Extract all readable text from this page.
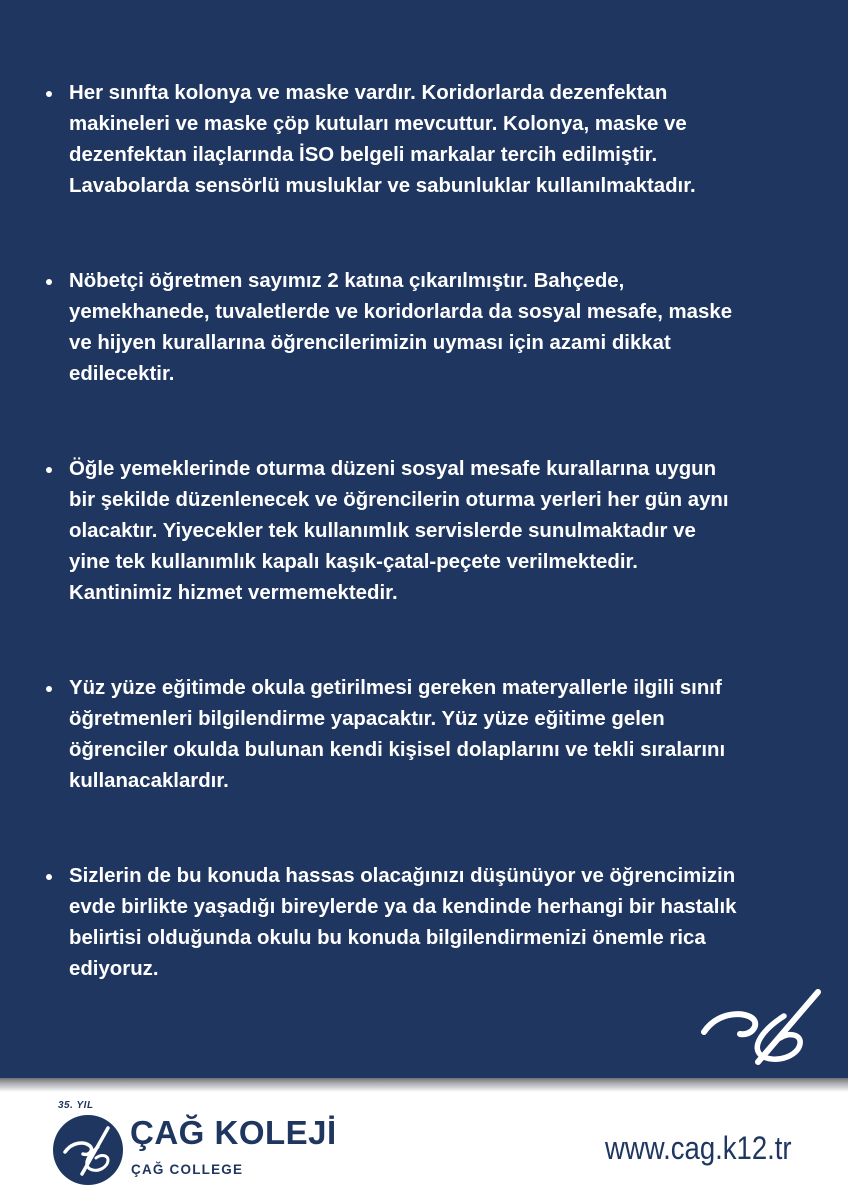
Her sınıfta kolonya ve maske vardır. Koridorlarda dezenfektan
makineleri ve maske çöp kutuları mevcuttur. Kolonya, maske ve
dezenfektan ilaçlarında İSO belgeli markalar tercih edilmiştir.
Lavabolarda sensörlü musluklar ve sabunluklar kullanılmaktadır.
Nöbetçi öğretmen sayımız 2 katına çıkarılmıştır. Bahçede,
yemekhanede, tuvaletlerde ve koridorlarda da sosyal mesafe, maske
ve hijyen kurallarına öğrencilerimizin uyması için azami dikkat
edilecektir.
Öğle yemeklerinde oturma düzeni sosyal mesafe kurallarına uygun
bir şekilde düzenlenecek ve öğrencilerin oturma yerleri her gün aynı
olacaktır. Yiyecekler tek kullanımlık servislerde sunulmaktadır ve
yine tek kullanımlık kapalı kaşık-çatal-peçete verilmektedir.
Kantinimiz hizmet vermemektedir.
Yüz yüze eğitimde okula getirilmesi gereken materyallerle ilgili sınıf
öğretmenleri bilgilendirme yapacaktır. Yüz yüze eğitime gelen
öğrenciler okulda bulunan kendi kişisel dolaplarını ve tekli sıralarını
kullanacaklardır.
Sizlerin de bu konuda hassas olacağınızı düşünüyor ve öğrencimizin
evde birlikte yaşadığı bireylerde ya da kendinde herhangi bir hastalık
belirtisi olduğunda okulu bu konuda bilgilendirmenizi önemle rica
ediyoruz.
35. YIL
ÇAĞ KOLEJİ
ÇAĞ COLLEGE
www.cag.k12.tr
